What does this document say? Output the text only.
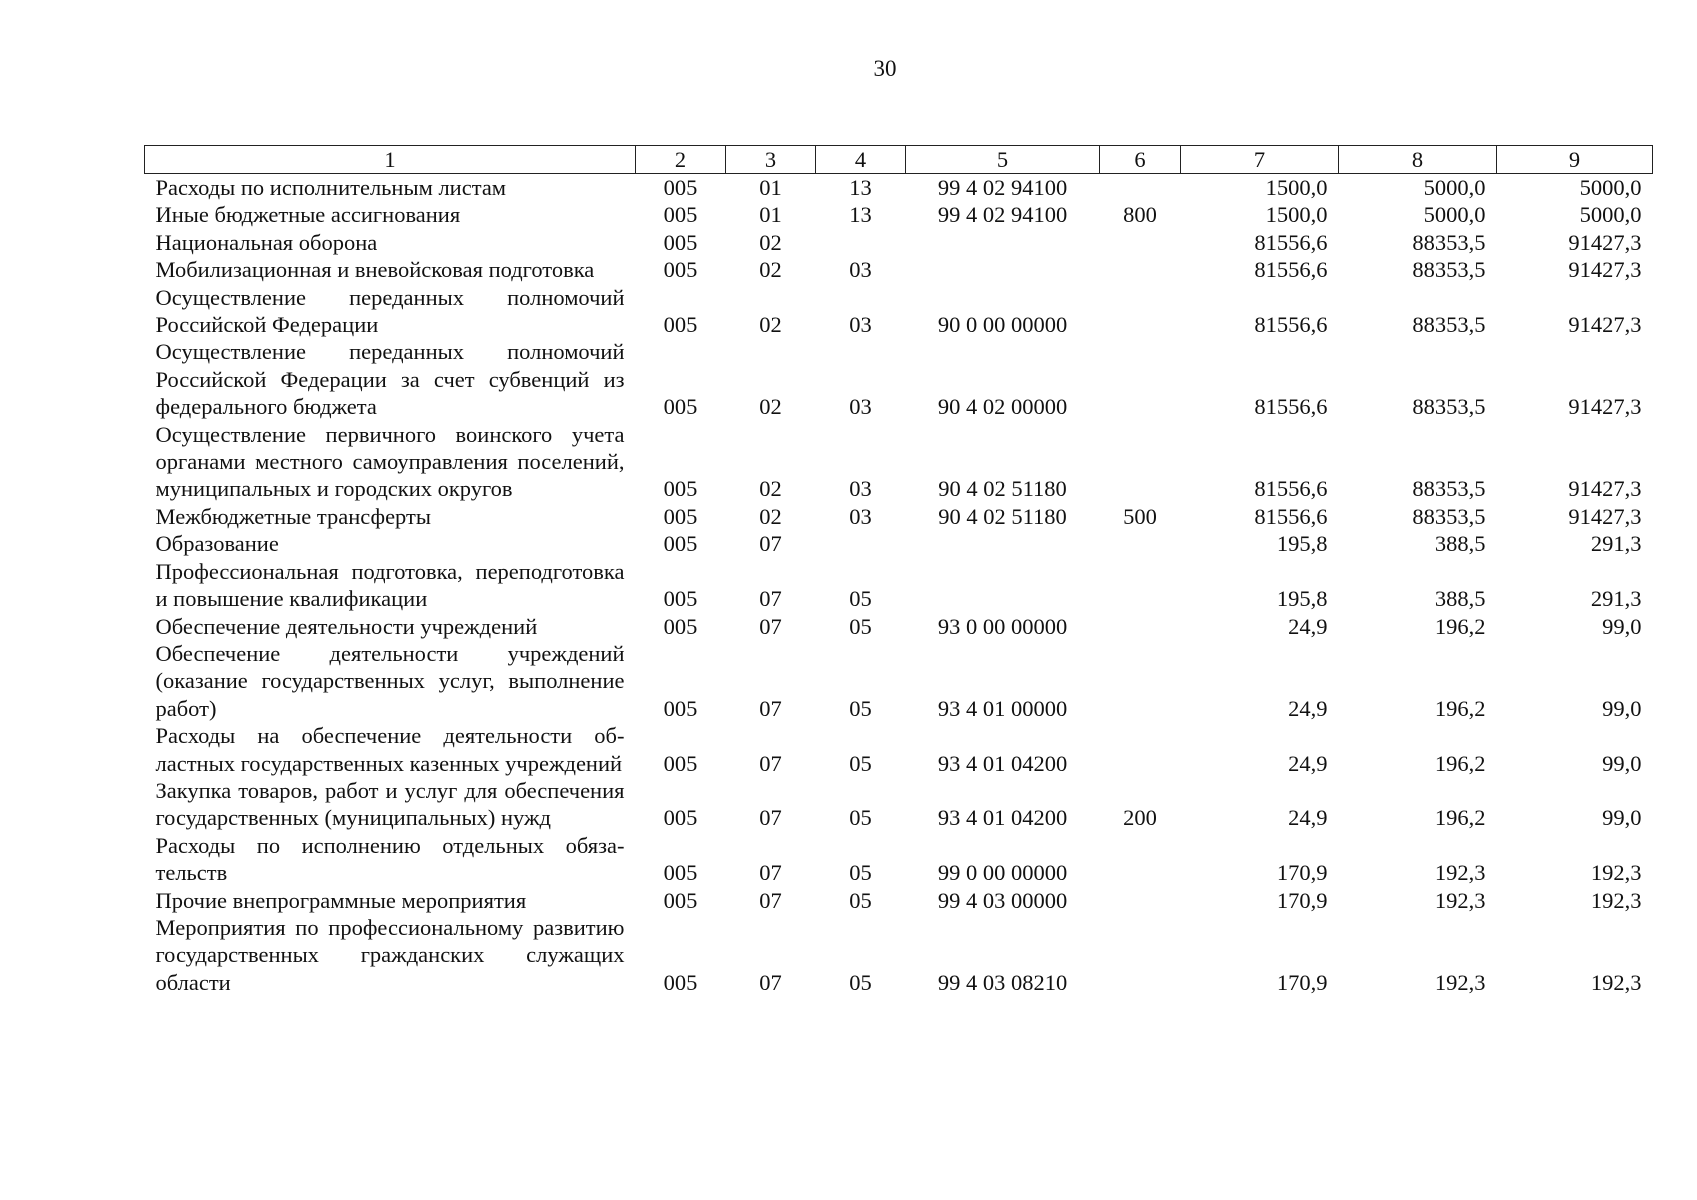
30
1	2	3	4	5	6	7	8	9
Расходы по исполнительным листам	005	01	13	99 4 02 94100		1500,0	5000,0	5000,0
Иные бюджетные ассигнования	005	01	13	99 4 02 94100	800	1500,0	5000,0	5000,0
Национальная оборона	005	02				81556,6	88353,5	91427,3
Мобилизационная и вневойсковая подготовка	005	02	03			81556,6	88353,5	91427,3
Осуществление переданных полномочий Российской Федерации	005	02	03	90 0 00 00000		81556,6	88353,5	91427,3
Осуществление переданных полномочий Российской Федерации за счет субвенций из федерального бюджета	005	02	03	90 4 02 00000		81556,6	88353,5	91427,3
Осуществление первичного воинского учета органами местного самоуправления поселений, муниципальных и городских округов	005	02	03	90 4 02 51180		81556,6	88353,5	91427,3
Межбюджетные трансферты	005	02	03	90 4 02 51180	500	81556,6	88353,5	91427,3
Образование	005	07				195,8	388,5	291,3
Профессиональная подготовка, переподготовка и повышение квалификации	005	07	05			195,8	388,5	291,3
Обеспечение деятельности учреждений	005	07	05	93 0 00 00000		24,9	196,2	99,0
Обеспечение деятельности учреждений (оказание государственных услуг, выполнение работ)	005	07	05	93 4 01 00000		24,9	196,2	99,0
Расходы на обеспечение деятельности областных государственных казенных учреждений	005	07	05	93 4 01 04200		24,9	196,2	99,0
Закупка товаров, работ и услуг для обеспечения государственных (муниципальных) нужд	005	07	05	93 4 01 04200	200	24,9	196,2	99,0
Расходы по исполнению отдельных обязательств	005	07	05	99 0 00 00000		170,9	192,3	192,3
Прочие внепрограммные мероприятия	005	07	05	99 4 03 00000		170,9	192,3	192,3
Мероприятия по профессиональному развитию государственных гражданских служащих области	005	07	05	99 4 03 08210		170,9	192,3	192,3
